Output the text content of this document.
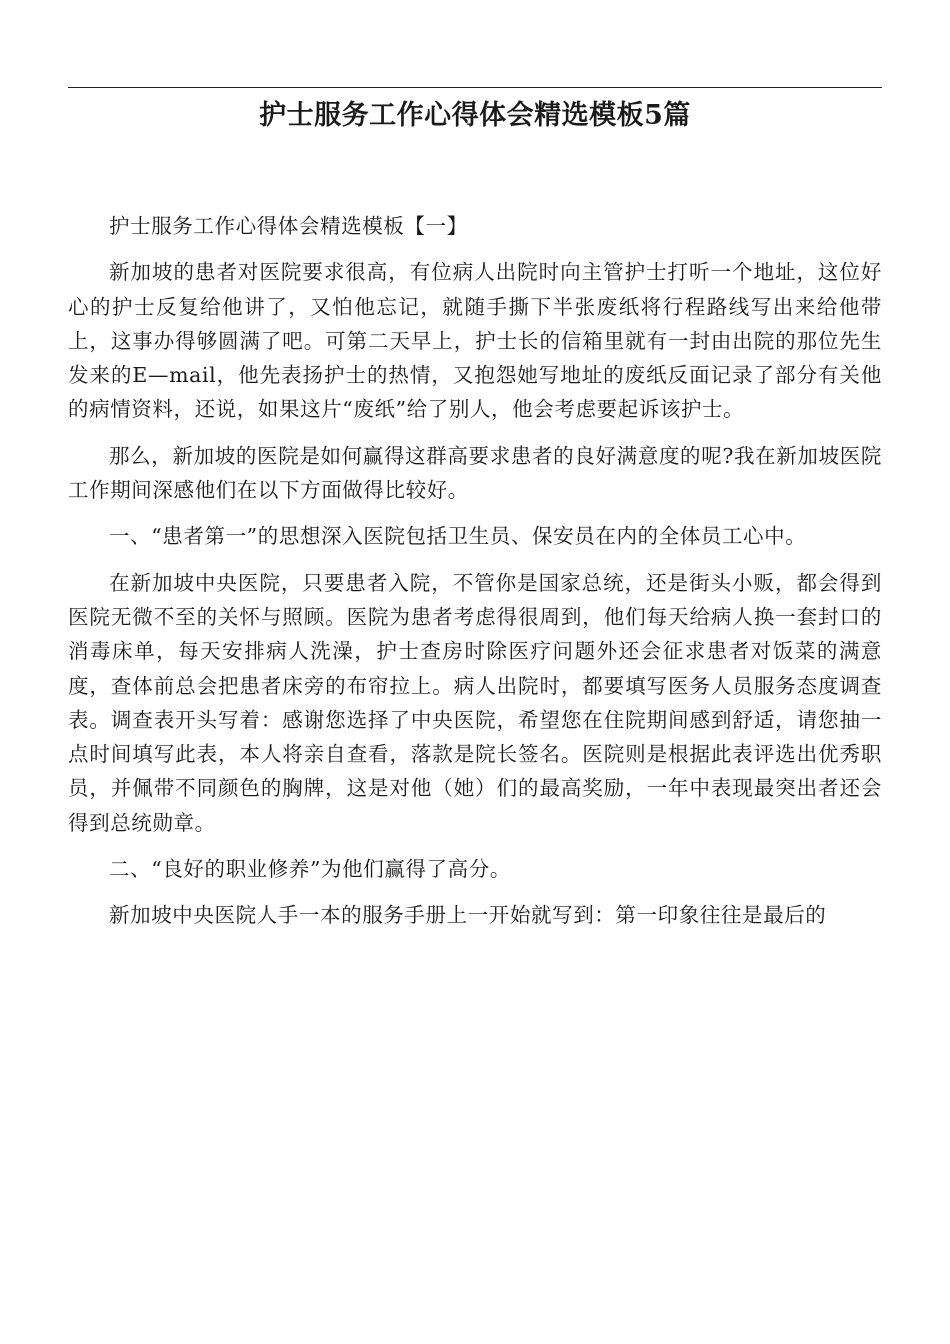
护士服务工作心得体会精选模板5篇

护士服务工作心得体会精选模板【一】

新加坡的患者对医院要求很高，有位病人出院时向主管护士打听一个地址，这位好心的护士反复给他讲了，又怕他忘记，就随手撕下半张废纸将行程路线写出来给他带上，这事办得够圆满了吧。可第二天早上，护士长的信箱里就有一封由出院的那位先生发来的E—mail，他先表扬护士的热情，又抱怨她写地址的废纸反面记录了部分有关他的病情资料，还说，如果这片“废纸”给了别人，他会考虑要起诉该护士。

那么，新加坡的医院是如何赢得这群高要求患者的良好满意度的呢?我在新加坡医院工作期间深感他们在以下方面做得比较好。

一、“患者第一”的思想深入医院包括卫生员、保安员在内的全体员工心中。

在新加坡中央医院，只要患者入院，不管你是国家总统，还是街头小贩，都会得到医院无微不至的关怀与照顾。医院为患者考虑得很周到，他们每天给病人换一套封口的消毒床单，每天安排病人洗澡，护士查房时除医疗问题外还会征求患者对饭菜的满意度，查体前总会把患者床旁的布帘拉上。病人出院时，都要填写医务人员服务态度调查表。调查表开头写着：感谢您选择了中央医院，希望您在住院期间感到舒适，请您抽一点时间填写此表，本人将亲自查看，落款是院长签名。医院则是根据此表评选出优秀职员，并佩带不同颜色的胸牌，这是对他（她）们的最高奖励，一年中表现最突出者还会得到总统勋章。

二、“良好的职业修养”为他们赢得了高分。

新加坡中央医院人手一本的服务手册上一开始就写到：第一印象往往是最后的
